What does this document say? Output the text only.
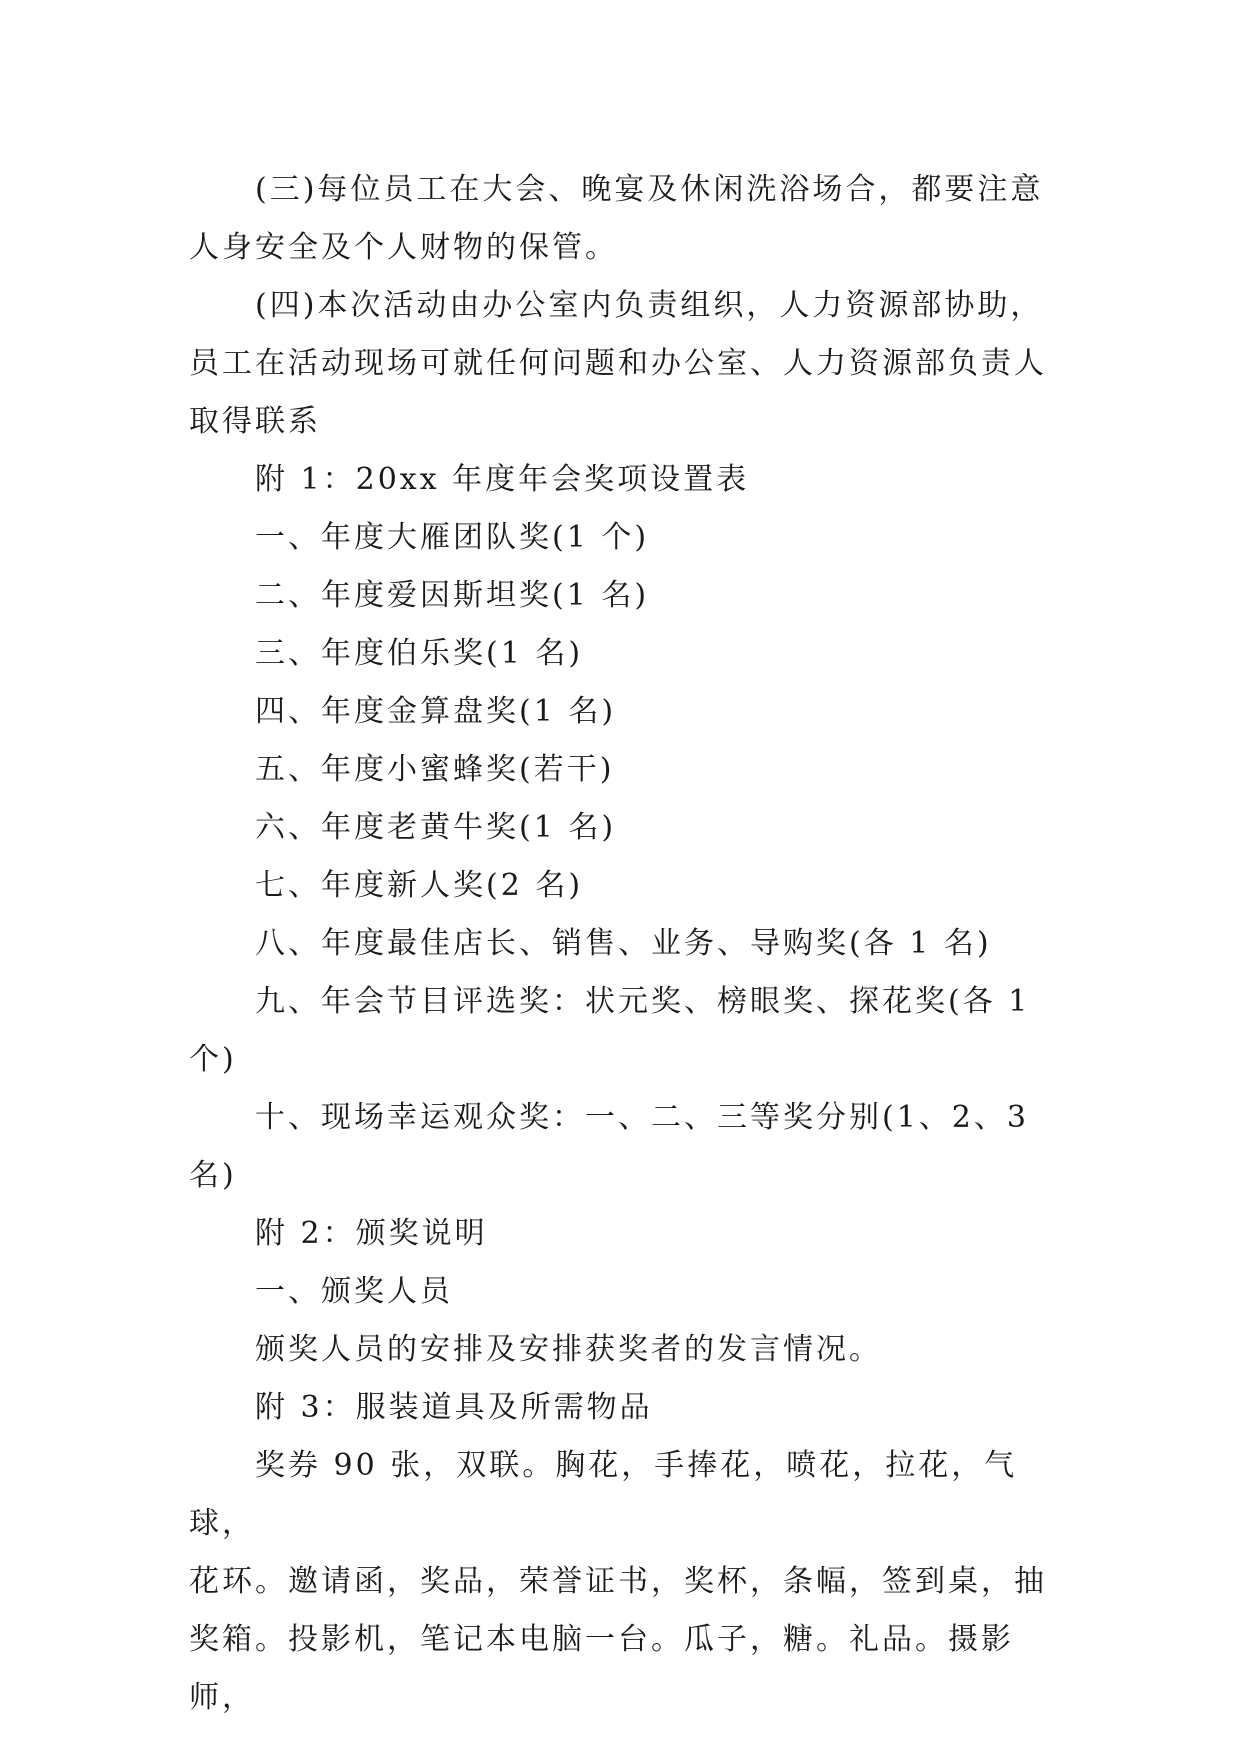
(三)每位员工在大会、晚宴及休闲洗浴场合，都要注意

人身安全及个人财物的保管。

(四)本次活动由办公室内负责组织，人力资源部协助，

员工在活动现场可就任何问题和办公室、人力资源部负责人

取得联系

附 1：20xx 年度年会奖项设置表

一、年度大雁团队奖(1 个)

二、年度爱因斯坦奖(1 名)

三、年度伯乐奖(1 名)

四、年度金算盘奖(1 名)

五、年度小蜜蜂奖(若干)

六、年度老黄牛奖(1 名)

七、年度新人奖(2 名)

八、年度最佳店长、销售、业务、导购奖(各 1 名)

九、年会节目评选奖：状元奖、榜眼奖、探花奖(各 1

个)

十、现场幸运观众奖：一、二、三等奖分别(1、2、3 名)

附 2：颁奖说明

一、颁奖人员

颁奖人员的安排及安排获奖者的发言情况。

附 3：服装道具及所需物品

奖券 90 张，双联。胸花，手捧花，喷花，拉花，气球，

花环。邀请函，奖品，荣誉证书，奖杯，条幅，签到桌，抽

奖箱。投影机，笔记本电脑一台。瓜子，糖。礼品。摄影师，
